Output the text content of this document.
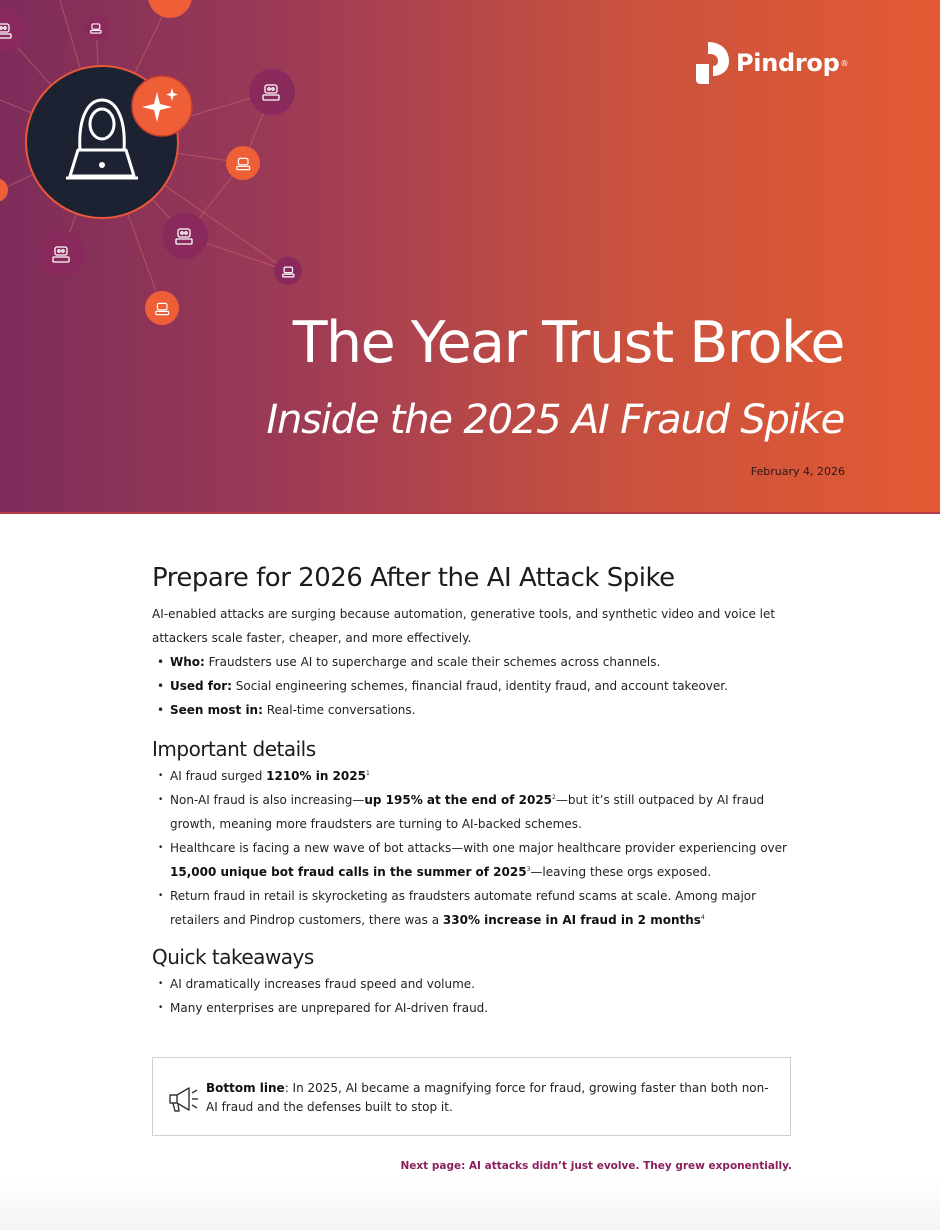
Pindrop ®
The Year Trust Broke
Inside the 2025 AI Fraud Spike
February 4, 2026
Prepare for 2026 After the AI Attack Spike

AI-enabled attacks are surging because automation, generative tools, and synthetic video and voice let attackers scale faster, cheaper, and more effectively.

• Who: Fraudsters use AI to supercharge and scale their schemes across channels.
• Used for: Social engineering schemes, financial fraud, identity fraud, and account takeover.
• Seen most in: Real-time conversations.
Important details
• AI fraud surged 1210% in 2025$^1$
• Non-AI fraud is also increasing—up 195% at the end of 2025$^2$—but it’s still outpaced by AI fraud growth, meaning more fraudsters are turning to AI-backed schemes.
• Healthcare is facing a new wave of bot attacks—with one major healthcare provider experiencing over 15,000 unique bot fraud calls in the summer of 2025$^3$—leaving these orgs exposed.
• Return fraud in retail is skyrocketing as fraudsters automate refund scams at scale. Among major retailers and Pindrop customers, there was a 330% increase in AI fraud in 2 months$^4$
Quick takeaways
• AI dramatically increases fraud speed and volume.
• Many enterprises are unprepared for AI-driven fraud.
Bottom line: In 2025, AI became a magnifying force for fraud, growing faster than both non-AI fraud and the defenses built to stop it.
Next page: AI attacks didn’t just evolve. They grew exponentially.
